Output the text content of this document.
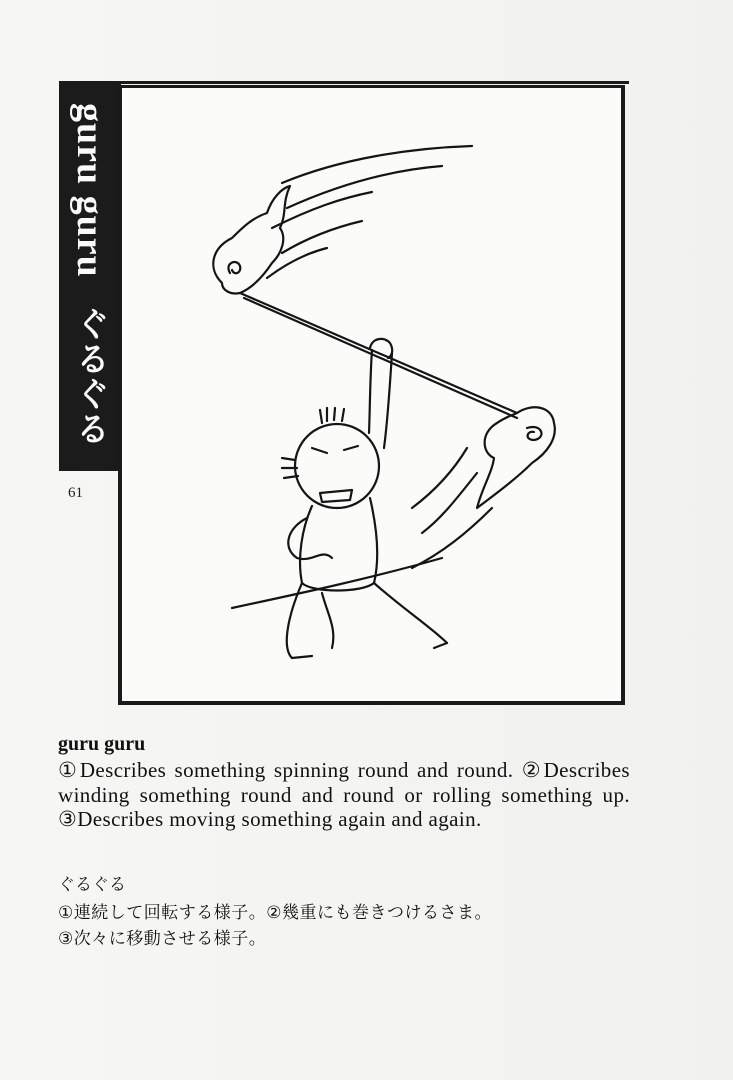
guru guru
ぐるぐる
61
guru guru
①Describes something spinning round and round. ②Describes winding something round and round or rolling something up. ③Describes moving something again and again.
ぐるぐる
①連続して回転する様子。②幾重にも巻きつけるさま。
③次々に移動させる様子。
